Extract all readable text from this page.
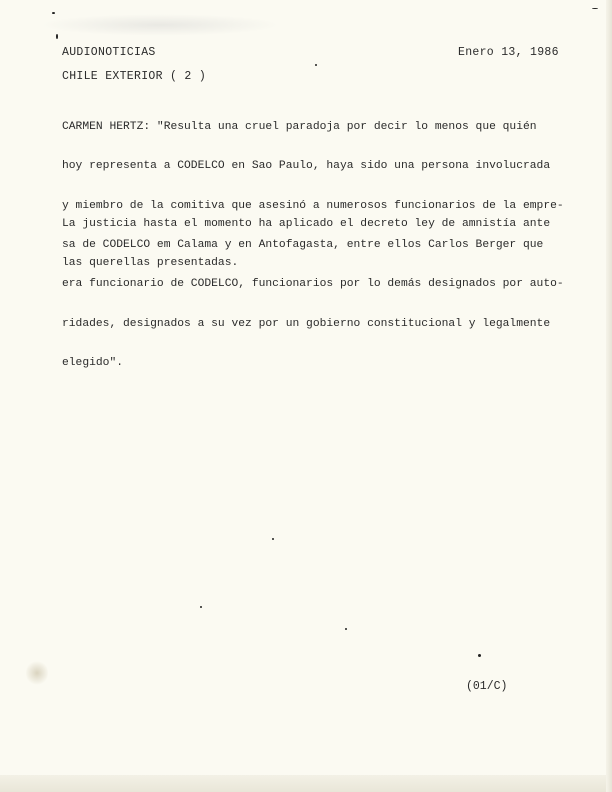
AUDIONOTICIAS	Enero 13, 1986
CHILE EXTERIOR ( 2 )

CARMEN HERTZ: "Resulta una cruel paradoja por decir lo menos que quién

hoy representa a CODELCO en Sao Paulo, haya sido una persona involucrada

y miembro de la comitiva que asesinó a numerosos funcionarios de la empre-

sa de CODELCO em Calama y en Antofagasta, entre ellos Carlos Berger que

era funcionario de CODELCO, funcionarios por lo demás designados por auto-

ridades, designados a su vez por un gobierno constitucional y legalmente

elegido".

La justicia hasta el momento ha aplicado el decreto ley de amnistía ante

las querellas presentadas.

(01/C)
